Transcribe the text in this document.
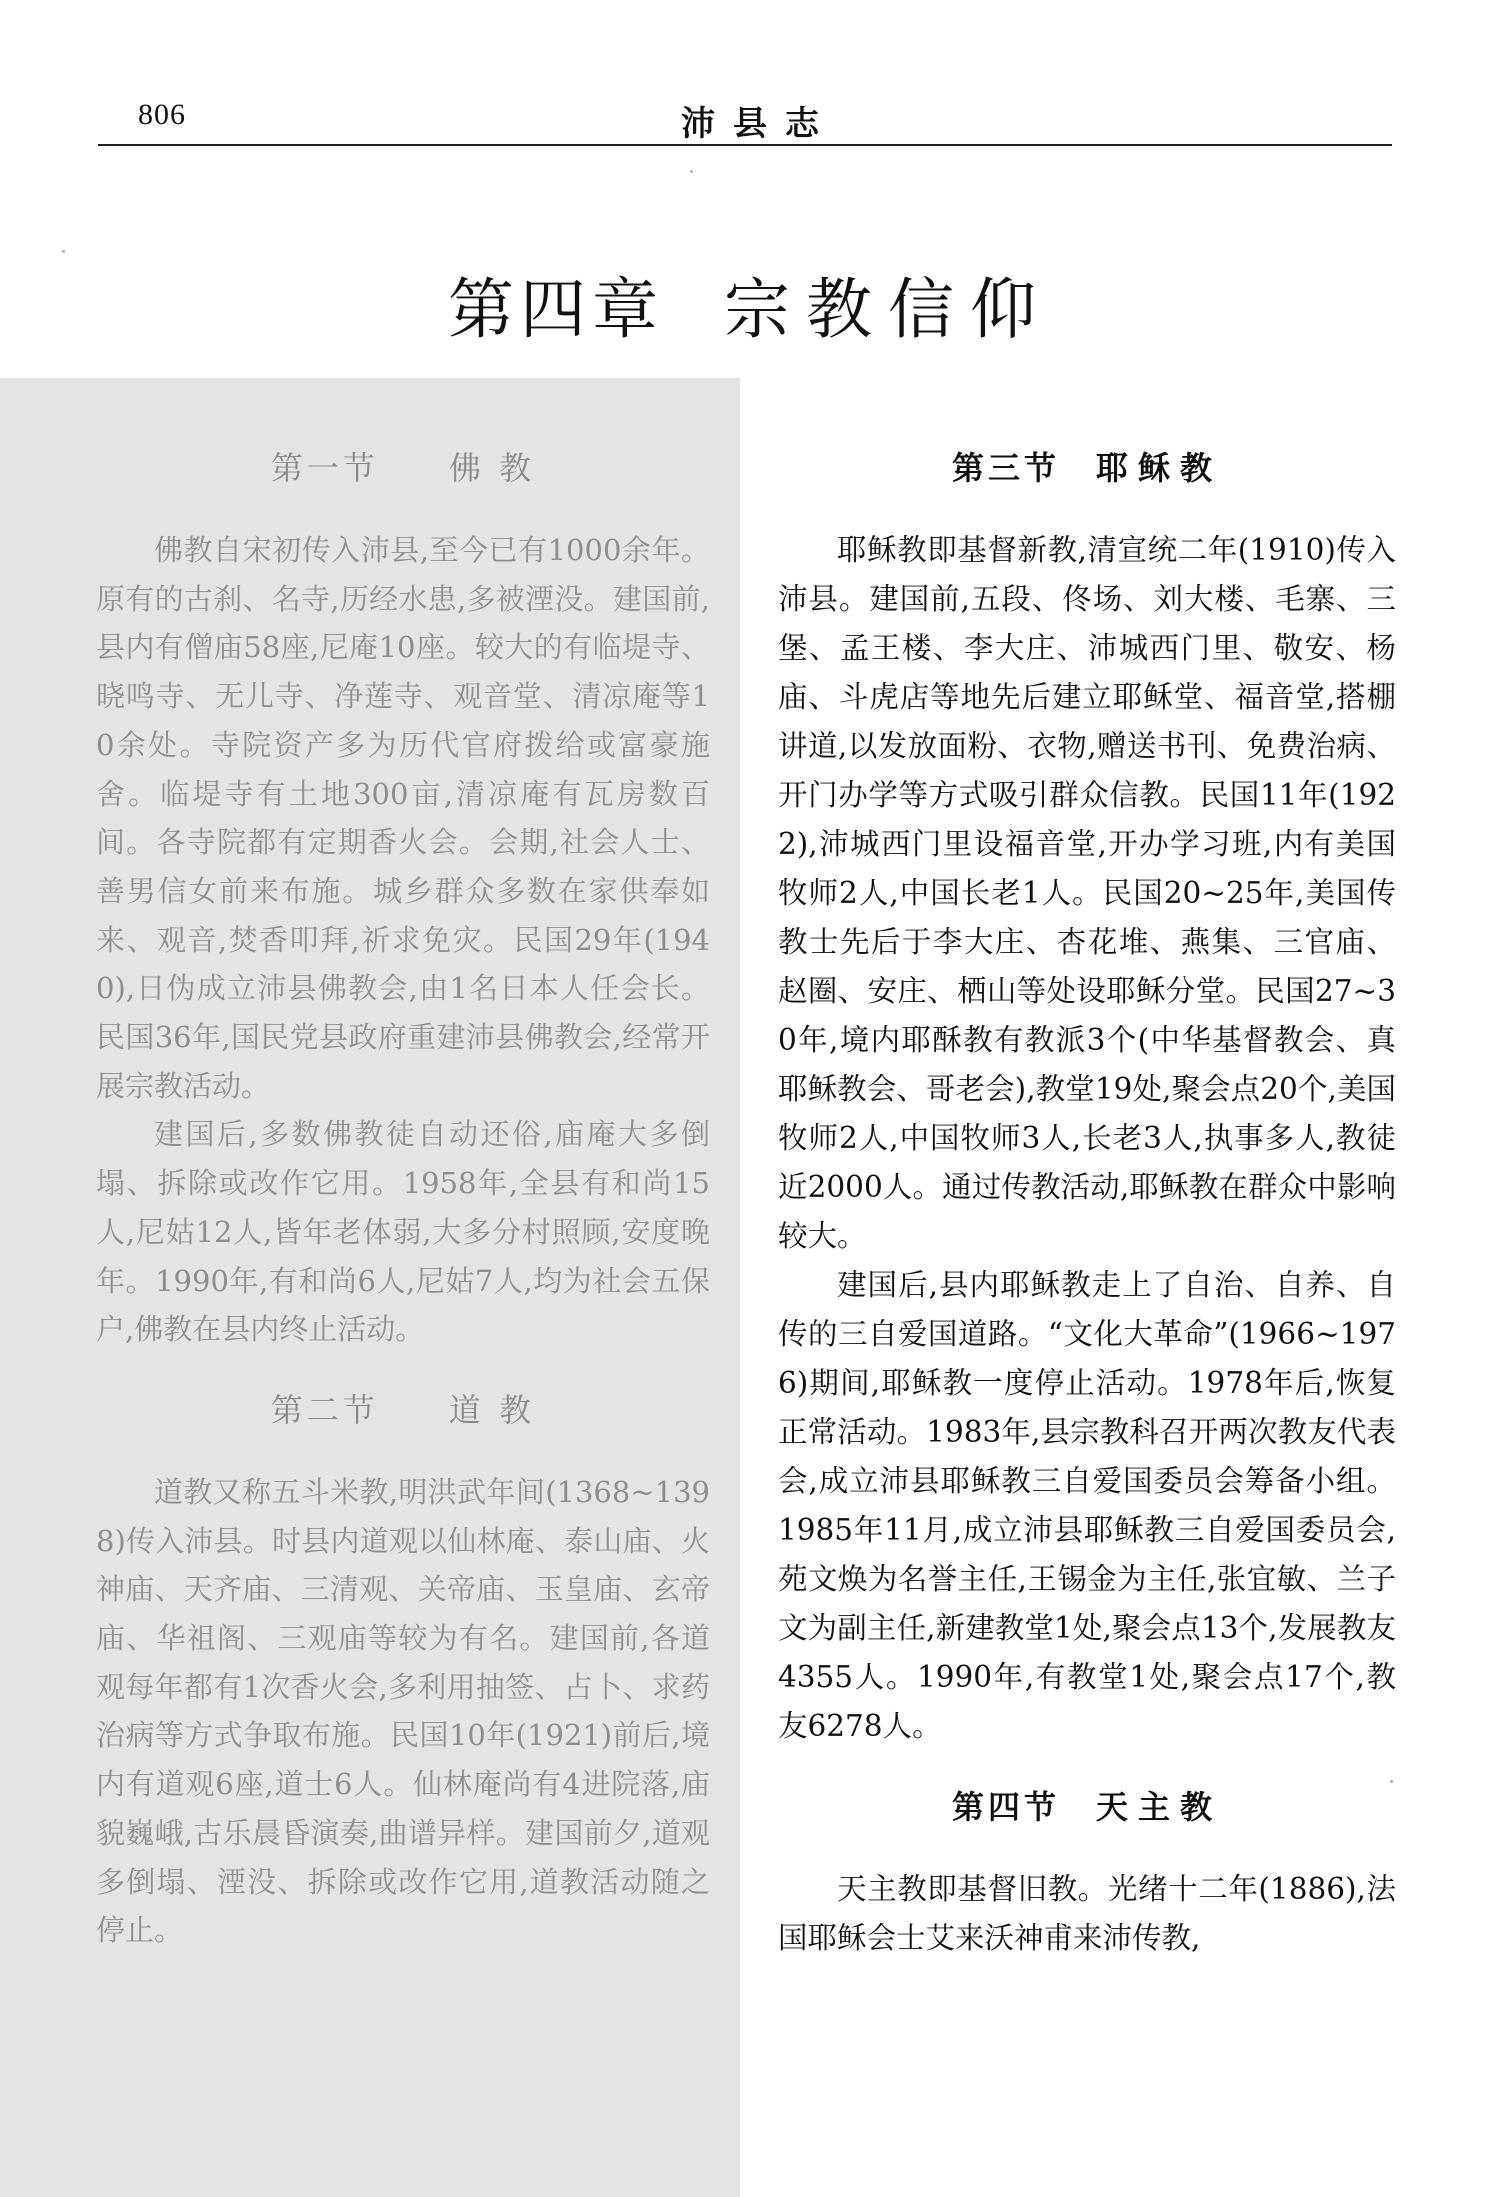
806	沛县志
第四章 宗教信仰
第一节 佛 教

佛教自宋初传入沛县,至今已有1000余年。原有的古刹、名寺,历经水患,多被湮没。建国前,县内有僧庙58座,尼庵10座。较大的有临堤寺、晓鸣寺、无儿寺、净莲寺、观音堂、清凉庵等10余处。寺院资产多为历代官府拨给或富豪施舍。临堤寺有土地300亩,清凉庵有瓦房数百间。各寺院都有定期香火会。会期,社会人士、善男信女前来布施。城乡群众多数在家供奉如来、观音,焚香叩拜,祈求免灾。民国29年(1940),日伪成立沛县佛教会,由1名日本人任会长。民国36年,国民党县政府重建沛县佛教会,经常开展宗教活动。

建国后,多数佛教徒自动还俗,庙庵大多倒塌、拆除或改作它用。1958年,全县有和尚15人,尼姑12人,皆年老体弱,大多分村照顾,安度晚年。1990年,有和尚6人,尼姑7人,均为社会五保户,佛教在县内终止活动。

第二节 道 教

道教又称五斗米教,明洪武年间(1368~1398)传入沛县。时县内道观以仙林庵、泰山庙、火神庙、天齐庙、三清观、关帝庙、玉皇庙、玄帝庙、华祖阁、三观庙等较为有名。建国前,各道观每年都有1次香火会,多利用抽签、占卜、求药治病等方式争取布施。民国10年(1921)前后,境内有道观6座,道士6人。仙林庵尚有4进院落,庙貌巍峨,古乐晨昏演奏,曲谱异样。建国前夕,道观多倒塌、湮没、拆除或改作它用,道教活动随之停止。

第三节 耶稣教

耶稣教即基督新教,清宣统二年(1910)传入沛县。建国前,五段、佟场、刘大楼、毛寨、三堡、孟王楼、李大庄、沛城西门里、敬安、杨庙、斗虎店等地先后建立耶稣堂、福音堂,搭棚讲道,以发放面粉、衣物,赠送书刊、免费治病、开门办学等方式吸引群众信教。民国11年(1922),沛城西门里设福音堂,开办学习班,内有美国牧师2人,中国长老1人。民国20~25年,美国传教士先后于李大庄、杏花堆、燕集、三官庙、赵圈、安庄、栖山等处设耶稣分堂。民国27~30年,境内耶酥教有教派3个(中华基督教会、真耶稣教会、哥老会),教堂19处,聚会点20个,美国牧师2人,中国牧师3人,长老3人,执事多人,教徒近2000人。通过传教活动,耶稣教在群众中影响较大。

建国后,县内耶稣教走上了自治、自养、自传的三自爱国道路。“文化大革命”(1966~1976)期间,耶稣教一度停止活动。1978年后,恢复正常活动。1983年,县宗教科召开两次教友代表会,成立沛县耶稣教三自爱国委员会筹备小组。1985年11月,成立沛县耶稣教三自爱国委员会,苑文焕为名誉主任,王锡金为主任,张宜敏、兰子文为副主任,新建教堂1处,聚会点13个,发展教友4355人。1990年,有教堂1处,聚会点17个,教友6278人。

第四节 天主教

天主教即基督旧教。光绪十二年(1886),法国耶稣会士艾来沃神甫来沛传教,
